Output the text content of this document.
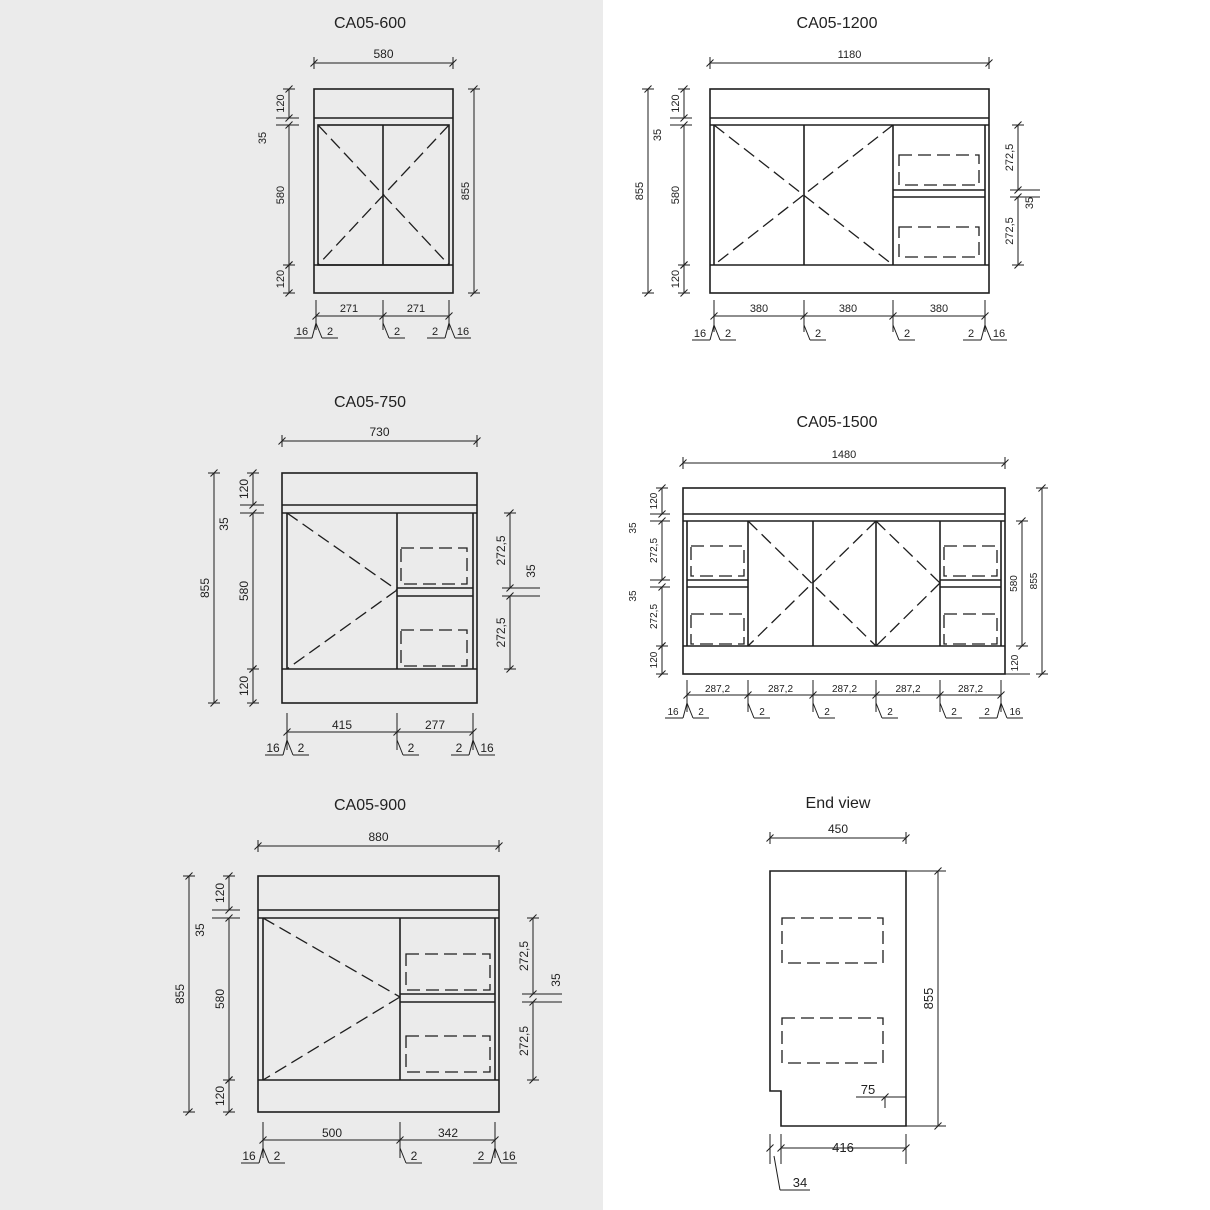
CA05-600
580
120
580
120
35
855
271	271
16 2	2	2 16
CA05-1200
1180
120
580
120
35
855
272,5
272,5
35
380	380	380
16 2	2	2	2 16
CA05-750
730
120
580
120
35
855
272,5
272,5
35
415	277
16 2	2	2 16
CA05-1500
1480
120
272,5
272,5
120
35
35
580 855
120
287,2	287,2	287,2	287,2	287,2
16 2	2	2	2	2	2 16
CA05-900
880
120
580
120
35
855
272,5
272,5
35
500	342
16 2	2	2 16
End view
450
855
75
416
34
